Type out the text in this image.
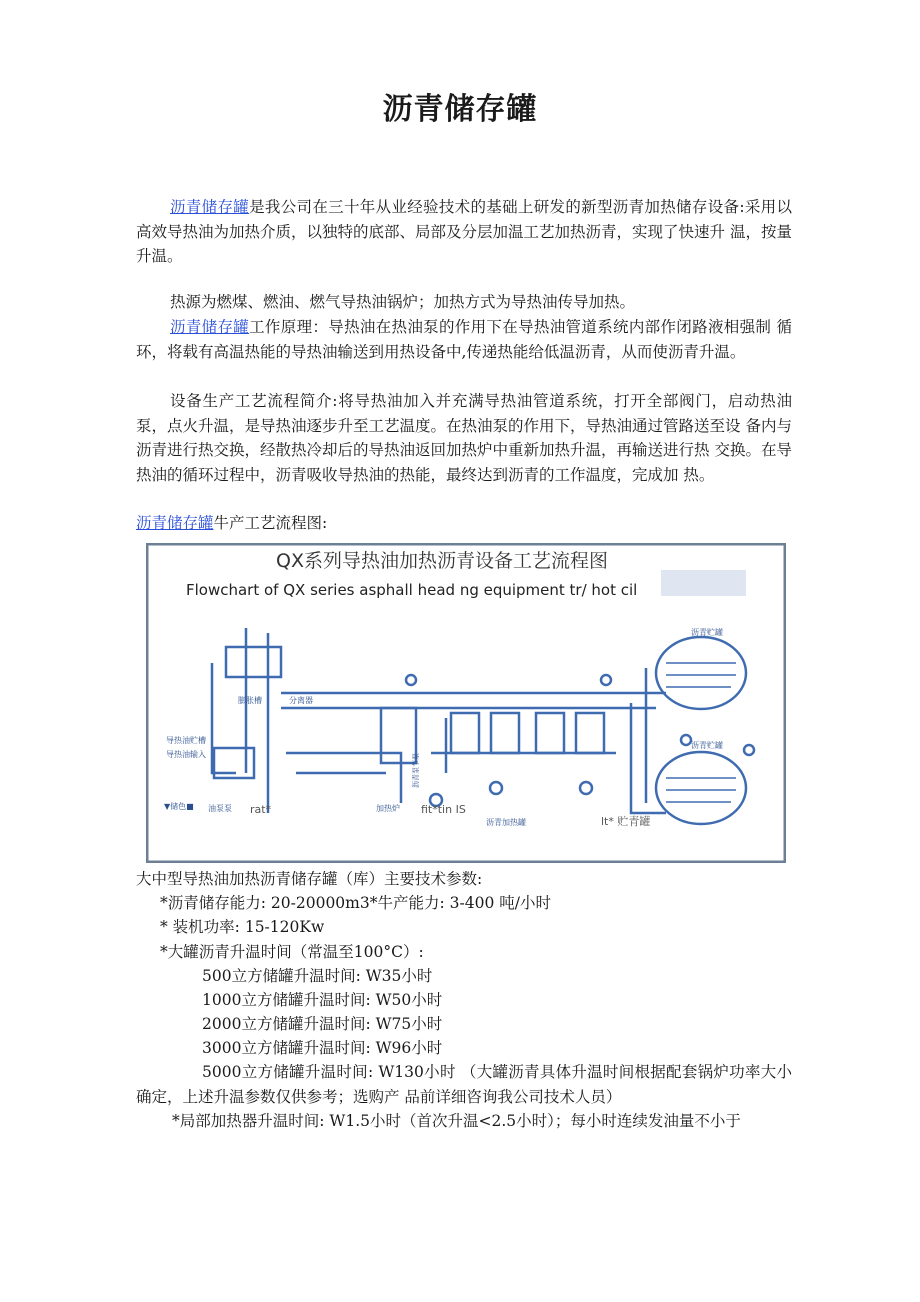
沥青储存罐

沥青储存罐是我公司在三十年从业经验技术的基础上研发的新型沥青加热储存设备:采用以高效导热油为加热介质，以独特的底部、局部及分层加温工艺加热沥青，实现了快速升 温，按量升温。

热源为燃煤、燃油、燃气导热油锅炉；加热方式为导热油传导加热。

沥青储存罐工作原理：导热油在热油泵的作用下在导热油管道系统内部作闭路液相强制 循环，将载有高温热能的导热油输送到用热设备中,传递热能给低温沥青，从而使沥青升温。

设备生产工艺流程简介:将导热油加入并充满导热油管道系统，打开全部阀门，启动热油泵，点火升温，是导热油逐步升至工艺温度。在热油泵的作用下，导热油通过管路送至设 备内与沥青进行热交换，经散热冷却后的导热油返回加热炉中重新加热升温，再输送进行热 交换。在导热油的循环过程中，沥青吸收导热油的热能，最终达到沥青的工作温度，完成加 热。

沥青储存罐牛产工艺流程图:

QX系列导热油加热沥青设备工艺流程图
Flowchart of QX series asphall head ng equipment tr/ hot cil
沥青贮罐
沥青贮罐
膨胀槽	分离器
导热油贮槽
导热油输入
▼储色■ 油泵泵	加热炉
沥青加热罐
rat*	fit*tin IS
lt* 贮青罐
沥青泵节泵

大中型导热油加热沥青储存罐（库）主要技术参数:

*沥青储存能力: 20-20000m3*牛产能力: 3-400 吨/小时

* 装机功率: 15-120Kw

*大罐沥青升温时间（常温至100°C）:

500立方储罐升温时间: W35小时

1000立方储罐升温时间: W50小时

2000立方储罐升温时间: W75小时

3000立方储罐升温时间: W96小时

5000立方储罐升温时间: W130小时 （大罐沥青具体升温时间根据配套锅炉功率大小确定，上述升温参数仅供参考；选购产 品前详细咨询我公司技术人员）

*局部加热器升温时间: W1.5小时（首次升温<2.5小时）；每小时连续发油量不小于
